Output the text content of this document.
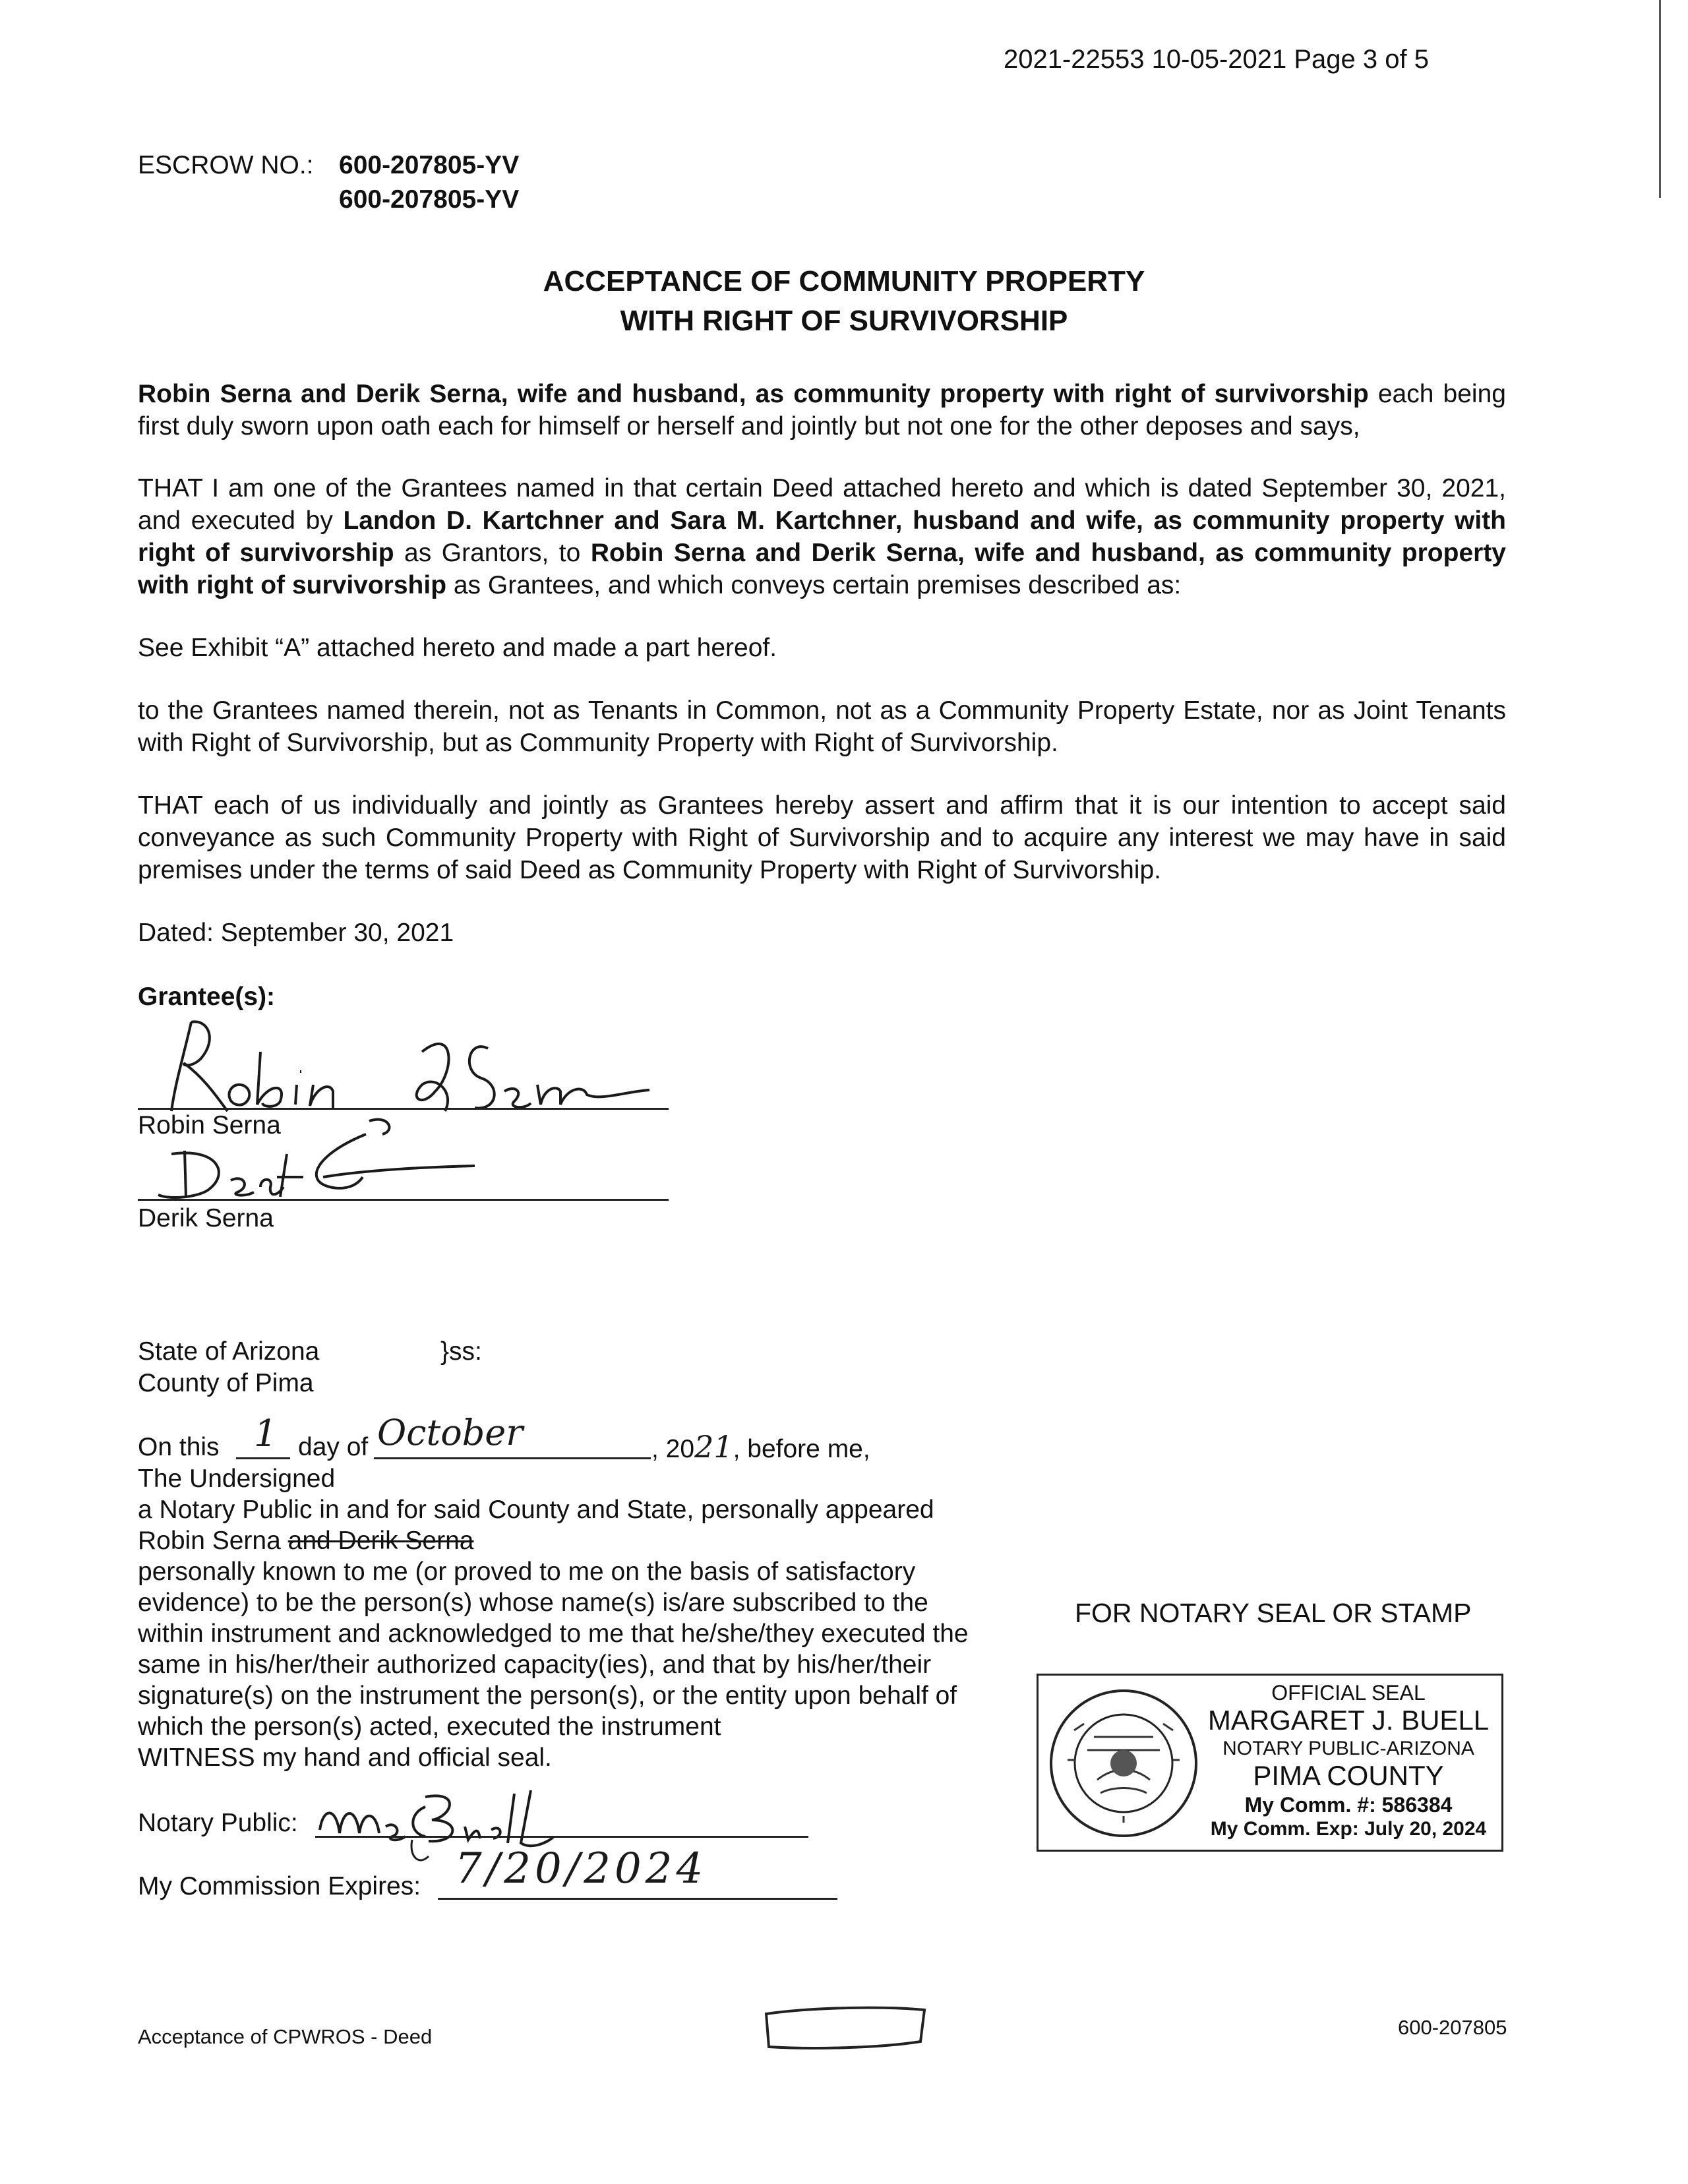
2021-22553 10-05-2021 Page 3 of 5
ESCROW NO.: 600-207805-YV
600-207805-YV
ACCEPTANCE OF COMMUNITY PROPERTY
WITH RIGHT OF SURVIVORSHIP
Robin Serna and Derik Serna, wife and husband, as community property with right of survivorship each being first duly sworn upon oath each for himself or herself and jointly but not one for the other deposes and says,
THAT I am one of the Grantees named in that certain Deed attached hereto and which is dated September 30, 2021, and executed by Landon D. Kartchner and Sara M. Kartchner, husband and wife, as community property with right of survivorship as Grantors, to Robin Serna and Derik Serna, wife and husband, as community property with right of survivorship as Grantees, and which conveys certain premises described as:
See Exhibit “A” attached hereto and made a part hereof.
to the Grantees named therein, not as Tenants in Common, not as a Community Property Estate, nor as Joint Tenants with Right of Survivorship, but as Community Property with Right of Survivorship.
THAT each of us individually and jointly as Grantees hereby assert and affirm that it is our intention to accept said conveyance as such Community Property with Right of Survivorship and to acquire any interest we may have in said premises under the terms of said Deed as Community Property with Right of Survivorship.
Dated: September 30, 2021
Grantee(s):
Robin Serna
Derik Serna
State of Arizona	}ss:
County of Pima
On this 1 day of October	, 2021, before me,
The Undersigned
a Notary Public in and for said County and State, personally appeared
Robin Serna and Derik Serna
personally known to me (or proved to me on the basis of satisfactory
evidence) to be the person(s) whose name(s) is/are subscribed to the
within instrument and acknowledged to me that he/she/they executed the
same in his/her/their authorized capacity(ies), and that by his/her/their
signature(s) on the instrument the person(s), or the entity upon behalf of
which the person(s) acted, executed the instrument
WITNESS my hand and official seal.
Notary Public:
My Commission Expires: 7/20/2024
FOR NOTARY SEAL OR STAMP
OFFICIAL SEAL
MARGARET J. BUELL
NOTARY PUBLIC-ARIZONA
PIMA COUNTY
My Comm. #: 586384
My Comm. Exp: July 20, 2024
Acceptance of CPWROS - Deed	600-207805
